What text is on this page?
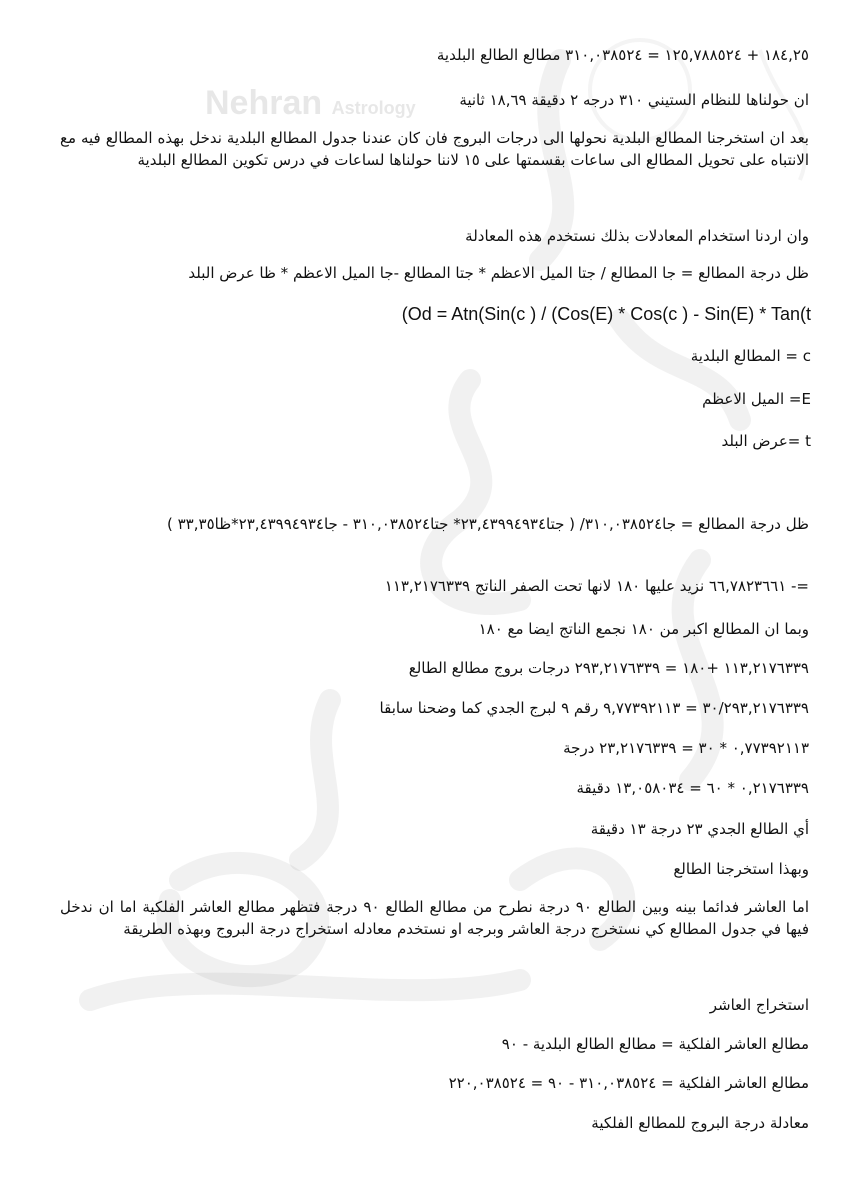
Nehran Astrology
١٨٤,٢٥ + ١٢٥,٧٨٨٥٢٤ = ٣١٠,٠٣٨٥٢٤ مطالع الطالع البلدية
ان حولناها للنظام الستيني ٣١٠ درجه ٢ دقيقة ١٨,٦٩ ثانية
بعد ان استخرجنا المطالع البلدية نحولها الى درجات البروج فان كان عندنا جدول المطالع البلدية ندخل بهذه المطالع فيه مع الانتباه على تحويل المطالع الى ساعات بقسمتها على ١٥ لاننا حولناها لساعات في درس تكوين المطالع البلدية
وان اردنا استخدام المعادلات بذلك نستخدم هذه المعادلة
ظل درجة المطالع = جا المطالع / جتا الميل الاعظم * جتا المطالع -جا الميل الاعظم * ظا عرض البلد
(Od = Atn(Sin(c ) / (Cos(E) * Cos(c ) - Sin(E) * Tan(t
c = المطالع البلدية
E= الميل الاعظم
t =عرض البلد
ظل درجة المطالع = جا٣١٠,٠٣٨٥٢٤/ ( جتا٢٣,٤٣٩٩٤٩٣٤* جتا٣١٠,٠٣٨٥٢٤ - جا٢٣,٤٣٩٩٤٩٣٤*ظا٣٣,٣٥ )
=- ٦٦,٧٨٢٣٦٦١ نزيد عليها ١٨٠ لانها تحت الصفر الناتج ١١٣,٢١٧٦٣٣٩
وبما ان المطالع اكبر من ١٨٠ نجمع الناتج ايضا مع ١٨٠
١١٣,٢١٧٦٣٣٩ +١٨٠ = ٢٩٣,٢١٧٦٣٣٩ درجات بروج مطالع الطالع
٣٠/٢٩٣,٢١٧٦٣٣٩ = ٩,٧٧٣٩٢١١٣ رقم ٩ لبرج الجدي كما وضحنا سابقا
٠,٧٧٣٩٢١١٣ * ٣٠ = ٢٣,٢١٧٦٣٣٩ درجة
٠,٢١٧٦٣٣٩ * ٦٠ = ١٣,٠٥٨٠٣٤ دقيقة
أي الطالع الجدي ٢٣ درجة ١٣ دقيقة
وبهذا استخرجنا الطالع
اما العاشر فدائما بينه وبين الطالع ٩٠ درجة نطرح من مطالع الطالع ٩٠ درجة فتظهر مطالع العاشر الفلكية اما ان ندخل فيها في جدول المطالع كي نستخرج درجة العاشر وبرجه او نستخدم معادله استخراج درجة البروج وبهذه الطريقة
استخراج العاشر
مطالع العاشر الفلكية = مطالع الطالع البلدية - ٩٠
مطالع العاشر الفلكية = ٣١٠,٠٣٨٥٢٤ - ٩٠ = ٢٢٠,٠٣٨٥٢٤
معادلة درجة البروج للمطالع الفلكية
